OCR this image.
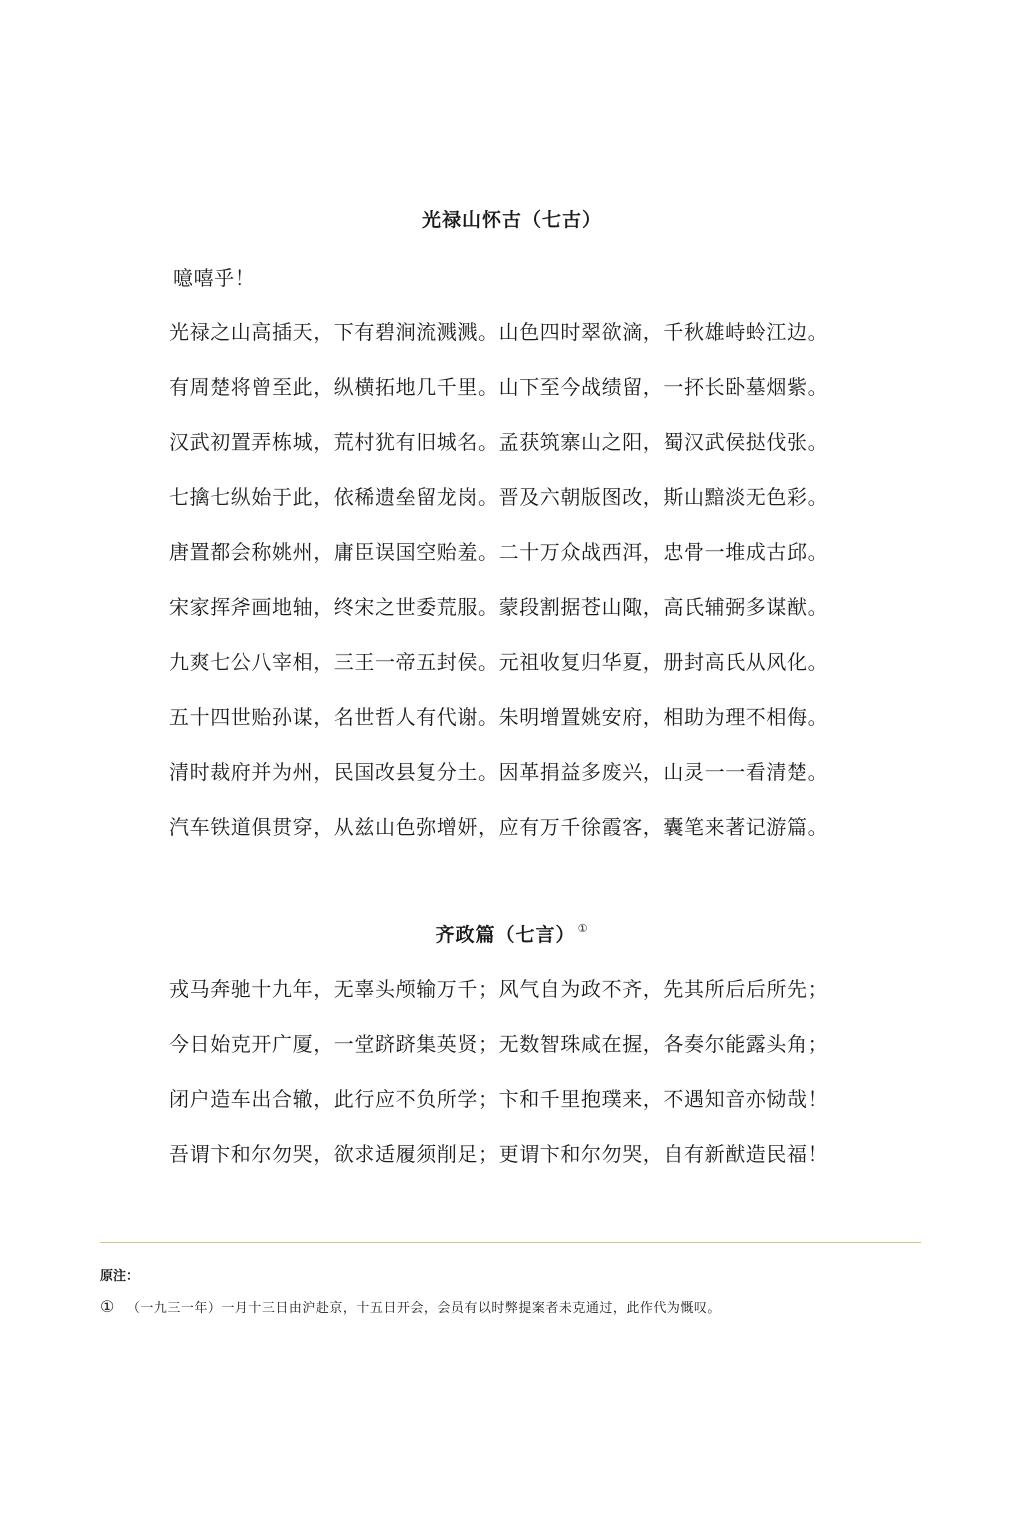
光禄山怀古（七古）
噫嘻乎！
光禄之山高插天，下有碧涧流溅溅。山色四时翠欲滴，千秋雄峙蛉江边。
有周楚将曾至此，纵横拓地几千里。山下至今战绩留，一抔长卧墓烟紫。
汉武初置弄栋城，荒村犹有旧城名。孟获筑寨山之阳，蜀汉武侯挞伐张。
七擒七纵始于此，依稀遗垒留龙岗。晋及六朝版图改，斯山黯淡无色彩。
唐置都会称姚州，庸臣误国空贻羞。二十万众战西洱，忠骨一堆成古邱。
宋家挥斧画地轴，终宋之世委荒服。蒙段割据苍山陬，高氏辅弼多谋猷。
九爽七公八宰相，三王一帝五封侯。元祖收复归华夏，册封高氏从风化。
五十四世贻孙谋，名世哲人有代谢。朱明增置姚安府，相助为理不相侮。
清时裁府并为州，民国改县复分土。因革捐益多废兴，山灵一一看清楚。
汽车铁道俱贯穿，从兹山色弥增妍，应有万千徐霞客，囊笔来著记游篇。
齐政篇（七言） ①
戎马奔驰十九年，无辜头颅输万千；风气自为政不齐，先其所后后所先；
今日始克开广厦，一堂跻跻集英贤；无数智珠咸在握，各奏尔能露头角；
闭户造车出合辙，此行应不负所学；卞和千里抱璞来，不遇知音亦恸哉！
吾谓卞和尔勿哭，欲求适履须削足；更谓卞和尔勿哭，自有新猷造民福！
原注：
① （一九三一年）一月十三日由沪赴京，十五日开会，会员有以时弊提案者未克通过，此作代为慨叹。
